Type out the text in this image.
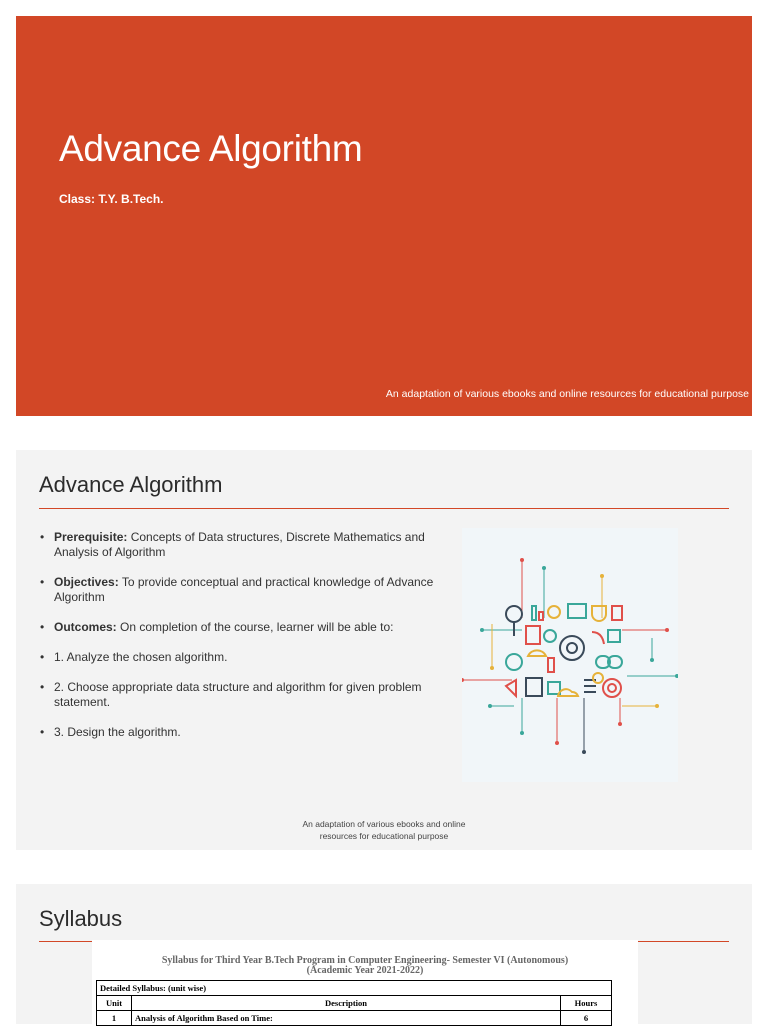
Advance Algorithm
Class: T.Y. B.Tech.
An adaptation of various ebooks and online resources for educational purpose
Advance Algorithm
• Prerequisite: Concepts of Data structures, Discrete Mathematics and Analysis of Algorithm
• Objectives: To provide conceptual and practical knowledge of Advance Algorithm
• Outcomes: On completion of the course, learner will be able to:
• 1. Analyze the chosen algorithm.
• 2. Choose appropriate data structure and algorithm for given problem statement.
• 3. Design the algorithm.
An adaptation of various ebooks and online resources for educational purpose
Syllabus
Syllabus for Third Year B.Tech Program in Computer Engineering- Semester VI (Autonomous)
(Academic Year 2021-2022)
Detailed Syllabus: (unit wise)		
Unit	Description	Hours
1	Analysis of Algorithm Based on Time:	6
